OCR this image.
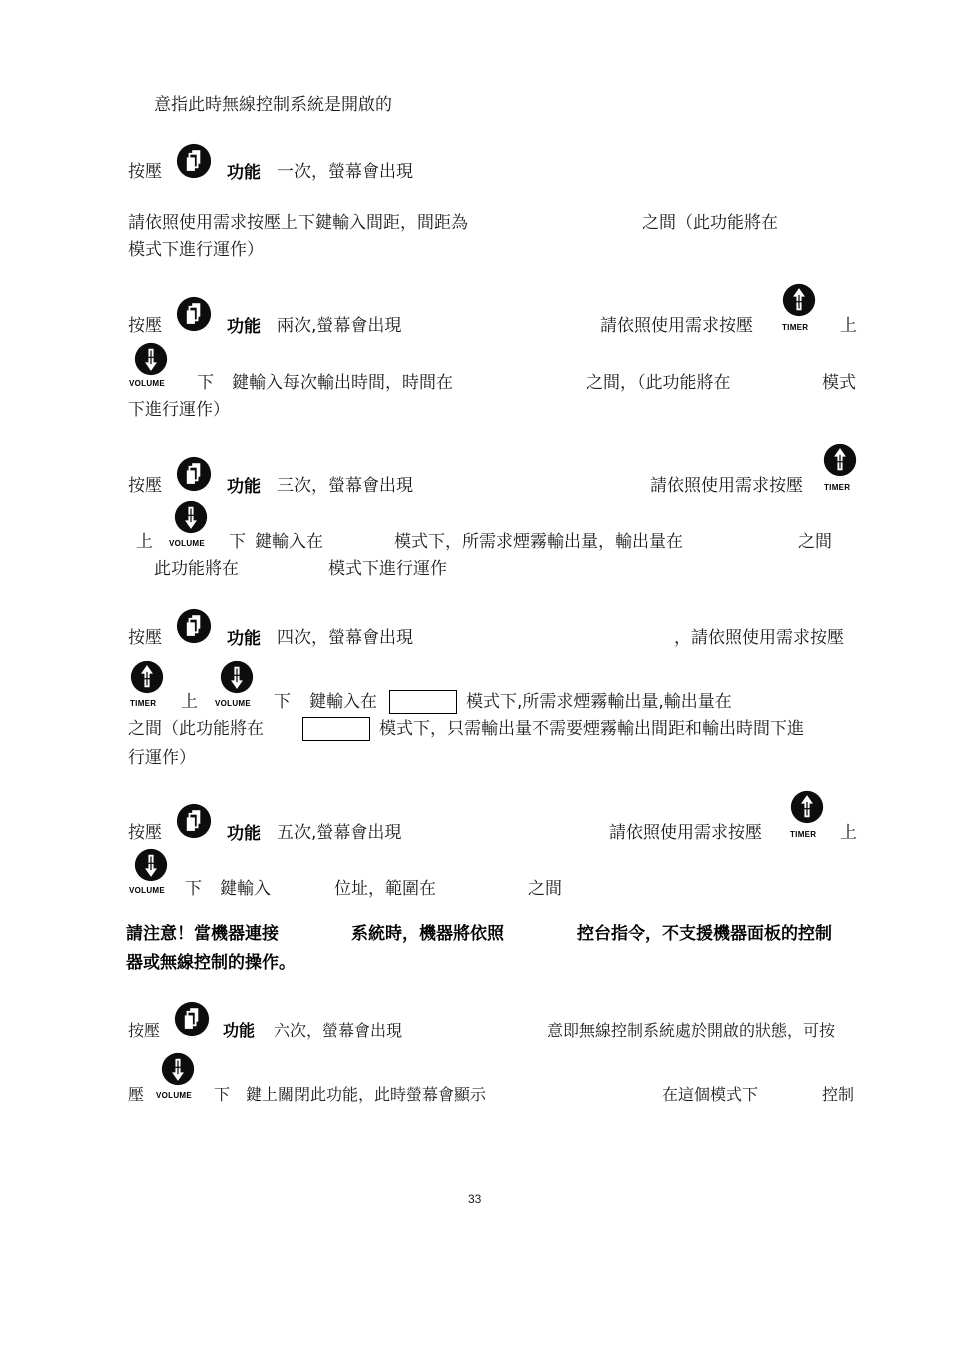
意指此時無線控制系統是開啟的
按壓	功能 一次，螢幕會出現
請依照使用需求按壓上下鍵輸入間距，間距為	之間（此功能將在
模式下進行運作）
按壓	功能 兩次,螢幕會出現	請依照使用需求按壓	TIMER 上
VOLUME 下 鍵輸入每次輸出時間，時間在	之間，（此功能將在	模式
下進行運作）
按壓	功能 三次，螢幕會出現	請依照使用需求按壓	TIMER
上 VOLUME 下 鍵輸入在	模式下，所需求煙霧輸出量，輸出量在	之間
此功能將在	模式下進行運作
按壓	功能 四次，螢幕會出現	，請依照使用需求按壓
TIMER 上 VOLUME 下 鍵輸入在	模式下,所需求煙霧輸出量,輸出量在
之間（此功能將在	模式下，只需輸出量不需要煙霧輸出間距和輸出時間下進
行運作）
按壓	功能 五次,螢幕會出現	請依照使用需求按壓	TIMER 上
VOLUME 下 鍵輸入	位址，範圍在	之間
請注意！當機器連接	系統時，機器將依照	控台指令，不支援機器面板的控制
器或無線控制的操作。
按壓	功能 六次，螢幕會出現	意即無線控制系統處於開啟的狀態，可按
壓 VOLUME 下 鍵上關閉此功能，此時螢幕會顯示	在這個模式下	控制
33
